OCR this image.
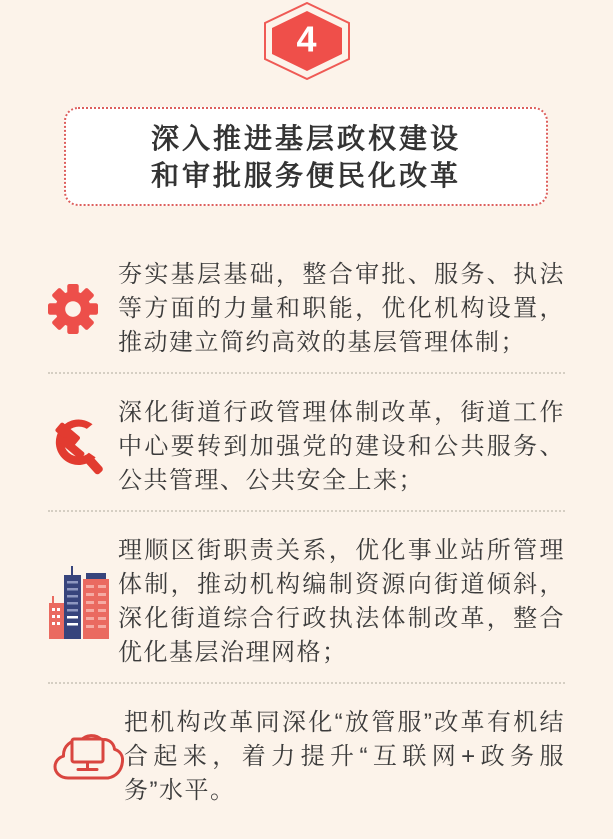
4
深入推进基层政权建设
和审批服务便民化改革
夯实基层基础，整合审批、服务、执法等方面的力量和职能，优化机构设置，推动建立简约高效的基层管理体制；
深化街道行政管理体制改革，街道工作中心要转到加强党的建设和公共服务、公共管理、公共安全上来；
理顺区街职责关系，优化事业站所管理体制，推动机构编制资源向街道倾斜，深化街道综合行政执法体制改革，整合优化基层治理网格；
把机构改革同深化“放管服”改革有机结合起来，着力提升“互联网+政务服务”水平。
